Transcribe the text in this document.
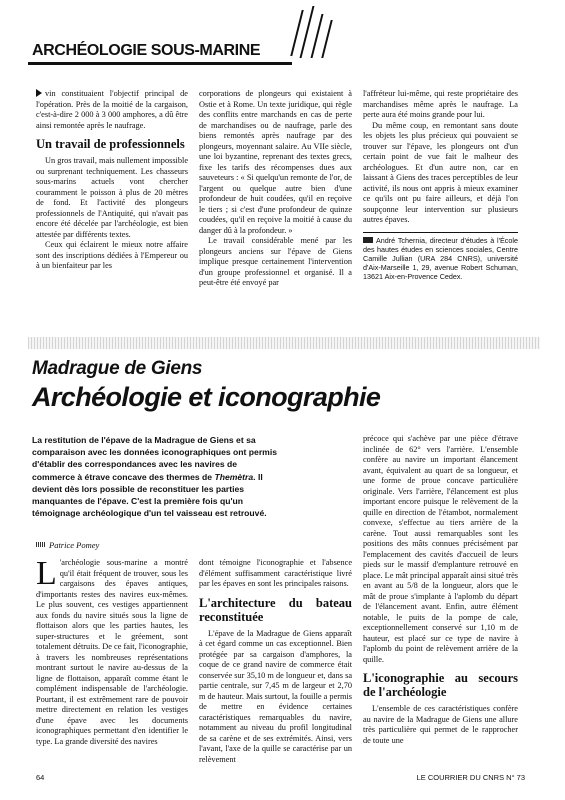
ARCHÉOLOGIE SOUS-MARINE

vin constituaient l'objectif principal de l'opération. Près de la moitié de la cargaison, c'est-à-dire 2 000 à 3 000 amphores, a dû être ainsi remontée après le naufrage.

Un travail de professionnels

Un gros travail, mais nullement impossible ou surprenant techniquement. Les chasseurs sous-marins actuels vont chercher couramment le poisson à plus de 20 mètres de fond. Et l'activité des plongeurs professionnels de l'Antiquité, qui n'avait pas encore été décelée par l'archéologie, est bien attestée par différents textes.

Ceux qui éclairent le mieux notre affaire sont des inscriptions dédiées à l'Empereur ou à un bienfaiteur par les

corporations de plongeurs qui existaient à Ostie et à Rome. Un texte juridique, qui règle des conflits entre marchands en cas de perte de marchandises ou de naufrage, parle des biens remontés après naufrage par des plongeurs, moyennant salaire. Au VIIe siècle, une loi byzantine, reprenant des textes grecs, fixe les tarifs des récompenses dues aux sauveteurs : « Si quelqu'un remonte de l'or, de l'argent ou quelque autre bien d'une profondeur de huit coudées, qu'il en reçoive le tiers ; si c'est d'une profondeur de quinze coudées, qu'il en reçoive la moitié à cause du danger dû à la profondeur. »

Le travail considérable mené par les plongeurs anciens sur l'épave de Giens implique presque certainement l'intervention d'un groupe professionnel et organisé. Il a peut-être été envoyé par

l'affréteur lui-même, qui reste propriétaire des marchandises même après le naufrage. La perte aura été moins grande pour lui.

Du même coup, en remontant sans doute les objets les plus précieux qui pouvaient se trouver sur l'épave, les plongeurs ont d'un certain point de vue fait le malheur des archéologues. Et d'un autre non, car en laissant à Giens des traces perceptibles de leur activité, ils nous ont appris à mieux examiner ce qu'ils ont pu faire ailleurs, et déjà l'on soupçonne leur intervention sur plusieurs autres épaves.

André Tchernia, directeur d'études à l'École des hautes études en sciences sociales, Centre Camille Jullian (URA 284 CNRS), université d'Aix-Marseille 1, 29, avenue Robert Schuman, 13621 Aix-en-Provence Cedex.

Madrague de Giens
Archéologie et iconographie

La restitution de l'épave de la Madrague de Giens et sa comparaison avec les données iconographiques ont permis d'établir des correspondances avec les navires de commerce à étrave concave des thermes de Themètra. Il devient dès lors possible de reconstituer les parties manquantes de l'épave. C'est la première fois qu'un témoignage archéologique d'un tel vaisseau est retrouvé.

Patrice Pomey

L 'archéologie sous-marine a montré qu'il était fréquent de trouver, sous les cargaisons des épaves antiques, d'importants restes des navires eux-mêmes. Le plus souvent, ces vestiges appartiennent aux fonds du navire situés sous la ligne de flottaison alors que les parties hautes, les super-structures et le gréement, sont totalement détruits. De ce fait, l'iconographie, à travers les nombreuses représentations montrant surtout le navire au-dessus de la ligne de flottaison, apparaît comme étant le complément indispensable de l'archéologie. Pourtant, il est extrêmement rare de pouvoir mettre directement en relation les vestiges d'une épave avec les documents iconographiques permettant d'en identifier le type. La grande diversité des navires

dont témoigne l'iconographie et l'absence d'élément suffisamment caractéristique livré par les épaves en sont les principales raisons.

L'architecture du bateau reconstituée

L'épave de la Madrague de Giens apparaît à cet égard comme un cas exceptionnel. Bien protégée par sa cargaison d'amphores, la coque de ce grand navire de commerce était conservée sur 35,10 m de longueur et, dans sa partie centrale, sur 7,45 m de largeur et 2,70 m de hauteur. Mais surtout, la fouille a permis de mettre en évidence certaines caractéristiques remarquables du navire, notamment au niveau du profil longitudinal de sa carène et de ses extrémités. Ainsi, vers l'avant, l'axe de la quille se caractérise par un relèvement

précoce qui s'achève par une pièce d'étrave inclinée de 62° vers l'arrière. L'ensemble confère au navire un important élancement avant, équivalent au quart de sa longueur, et une forme de proue concave particulière originale. Vers l'arrière, l'élancement est plus important encore puisque le relèvement de la quille en direction de l'étambot, normalement convexe, s'effectue au tiers arrière de la carène. Tout aussi remarquables sont les positions des mâts connues précisément par l'emplacement des cavités d'accueil de leurs pieds sur le massif d'emplanture retrouvé en place. Le mât principal apparaît ainsi situé très en avant au 5/8 de la longueur, alors que le mât de proue s'implante à l'aplomb du départ de l'élancement avant. Enfin, autre élément notable, le puits de la pompe de cale, exceptionnellement conservé sur 1,10 m de hauteur, est placé sur ce type de navire à l'aplomb du point de relèvement arrière de la quille.

L'iconographie au secours de l'archéologie

L'ensemble de ces caractéristiques confère au navire de la Madrague de Giens une allure très particulière qui permet de le rapprocher de toute une

64	LE COURRIER DU CNRS N° 73
